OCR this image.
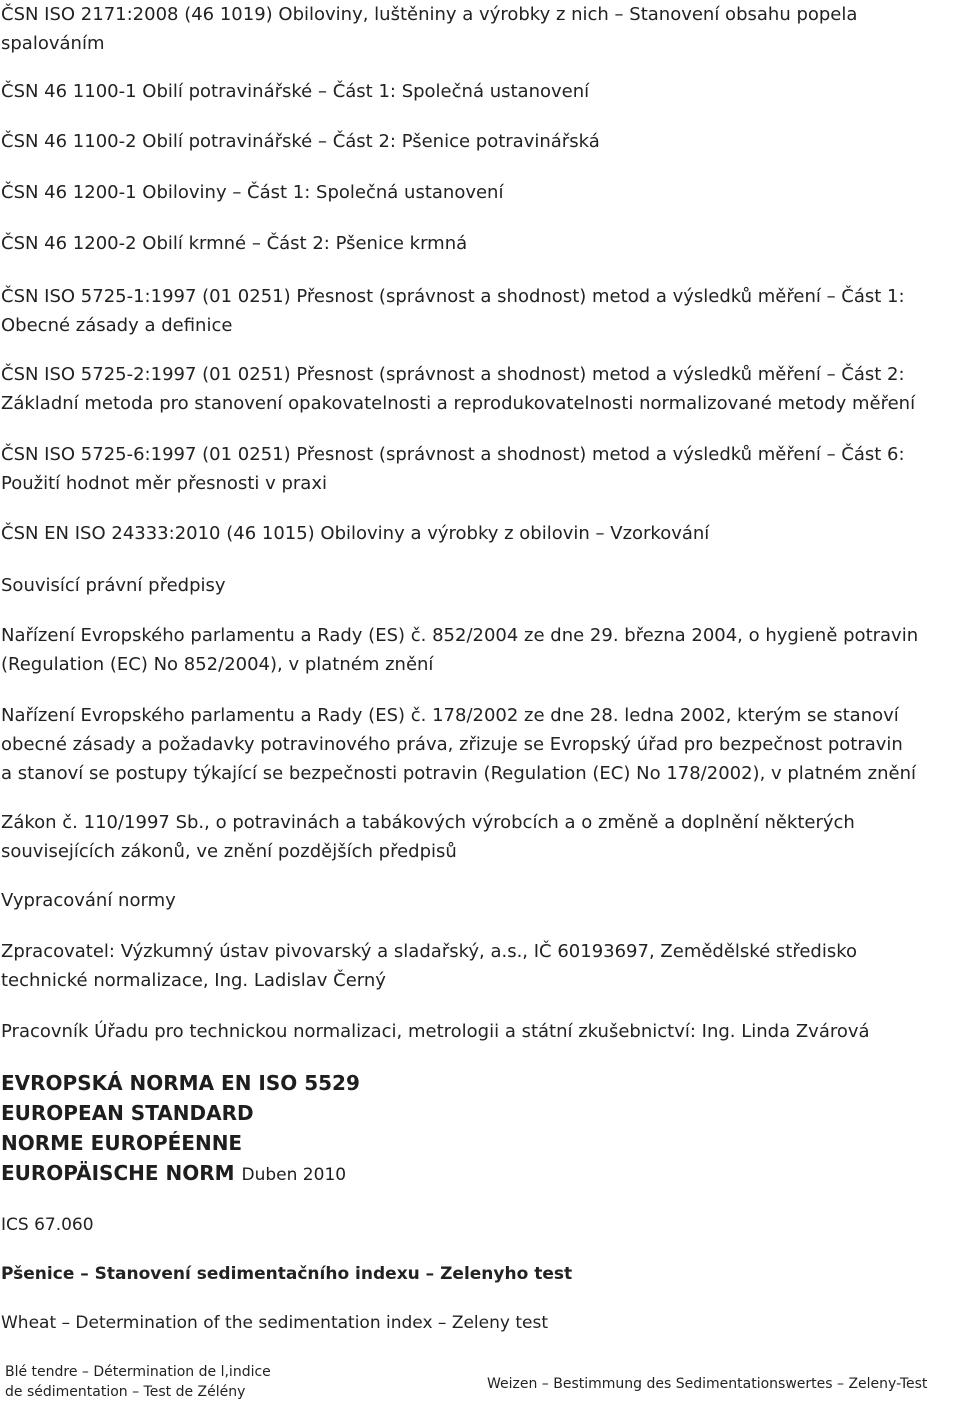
ČSN ISO 2171:2008 (46 1019) Obiloviny, luštěniny a výrobky z nich – Stanovení obsahu popela

spalováním

ČSN 46 1100-1 Obilí potravinářské – Část 1: Společná ustanovení

ČSN 46 1100-2 Obilí potravinářské – Část 2: Pšenice potravinářská

ČSN 46 1200-1 Obiloviny – Část 1: Společná ustanovení

ČSN 46 1200-2 Obilí krmné – Část 2: Pšenice krmná

ČSN ISO 5725-1:1997 (01 0251) Přesnost (správnost a shodnost) metod a výsledků měření – Část 1:

Obecné zásady a definice

ČSN ISO 5725-2:1997 (01 0251) Přesnost (správnost a shodnost) metod a výsledků měření – Část 2:

Základní metoda pro stanovení opakovatelnosti a reprodukovatelnosti normalizované metody měření

ČSN ISO 5725-6:1997 (01 0251) Přesnost (správnost a shodnost) metod a výsledků měření – Část 6:

Použití hodnot měr přesnosti v praxi

ČSN EN ISO 24333:2010 (46 1015) Obiloviny a výrobky z obilovin – Vzorkování

Souvisící právní předpisy

Nařízení Evropského parlamentu a Rady (ES) č. 852/2004 ze dne 29. března 2004, o hygieně potravin

(Regulation (EC) No 852/2004), v platném znění

Nařízení Evropského parlamentu a Rady (ES) č. 178/2002 ze dne 28. ledna 2002, kterým se stanoví

obecné zásady a požadavky potravinového práva, zřizuje se Evropský úřad pro bezpečnost potravin

a stanoví se postupy týkající se bezpečnosti potravin (Regulation (EC) No 178/2002), v platném znění

Zákon č. 110/1997 Sb., o potravinách a tabákových výrobcích a o změně a doplnění některých

souvisejících zákonů, ve znění pozdějších předpisů

Vypracování normy

Zpracovatel: Výzkumný ústav pivovarský a sladařský, a.s., IČ 60193697, Zemědělské středisko

technické normalizace, Ing. Ladislav Černý

Pracovník Úřadu pro technickou normalizaci, metrologii a státní zkušebnictví: Ing. Linda Zvárová

EVROPSKÁ NORMA EN ISO 5529

EUROPEAN STANDARD

NORME EUROPÉENNE

EUROPÄISCHE NORM Duben 2010

ICS 67.060

Pšenice – Stanovení sedimentačního indexu – Zelenyho test

Wheat – Determination of the sedimentation index – Zeleny test

Blé tendre – Détermination de l,indice

de sédimentation – Test de Zélény	Weizen – Bestimmung des Sedimentationswertes – Zeleny-Test
